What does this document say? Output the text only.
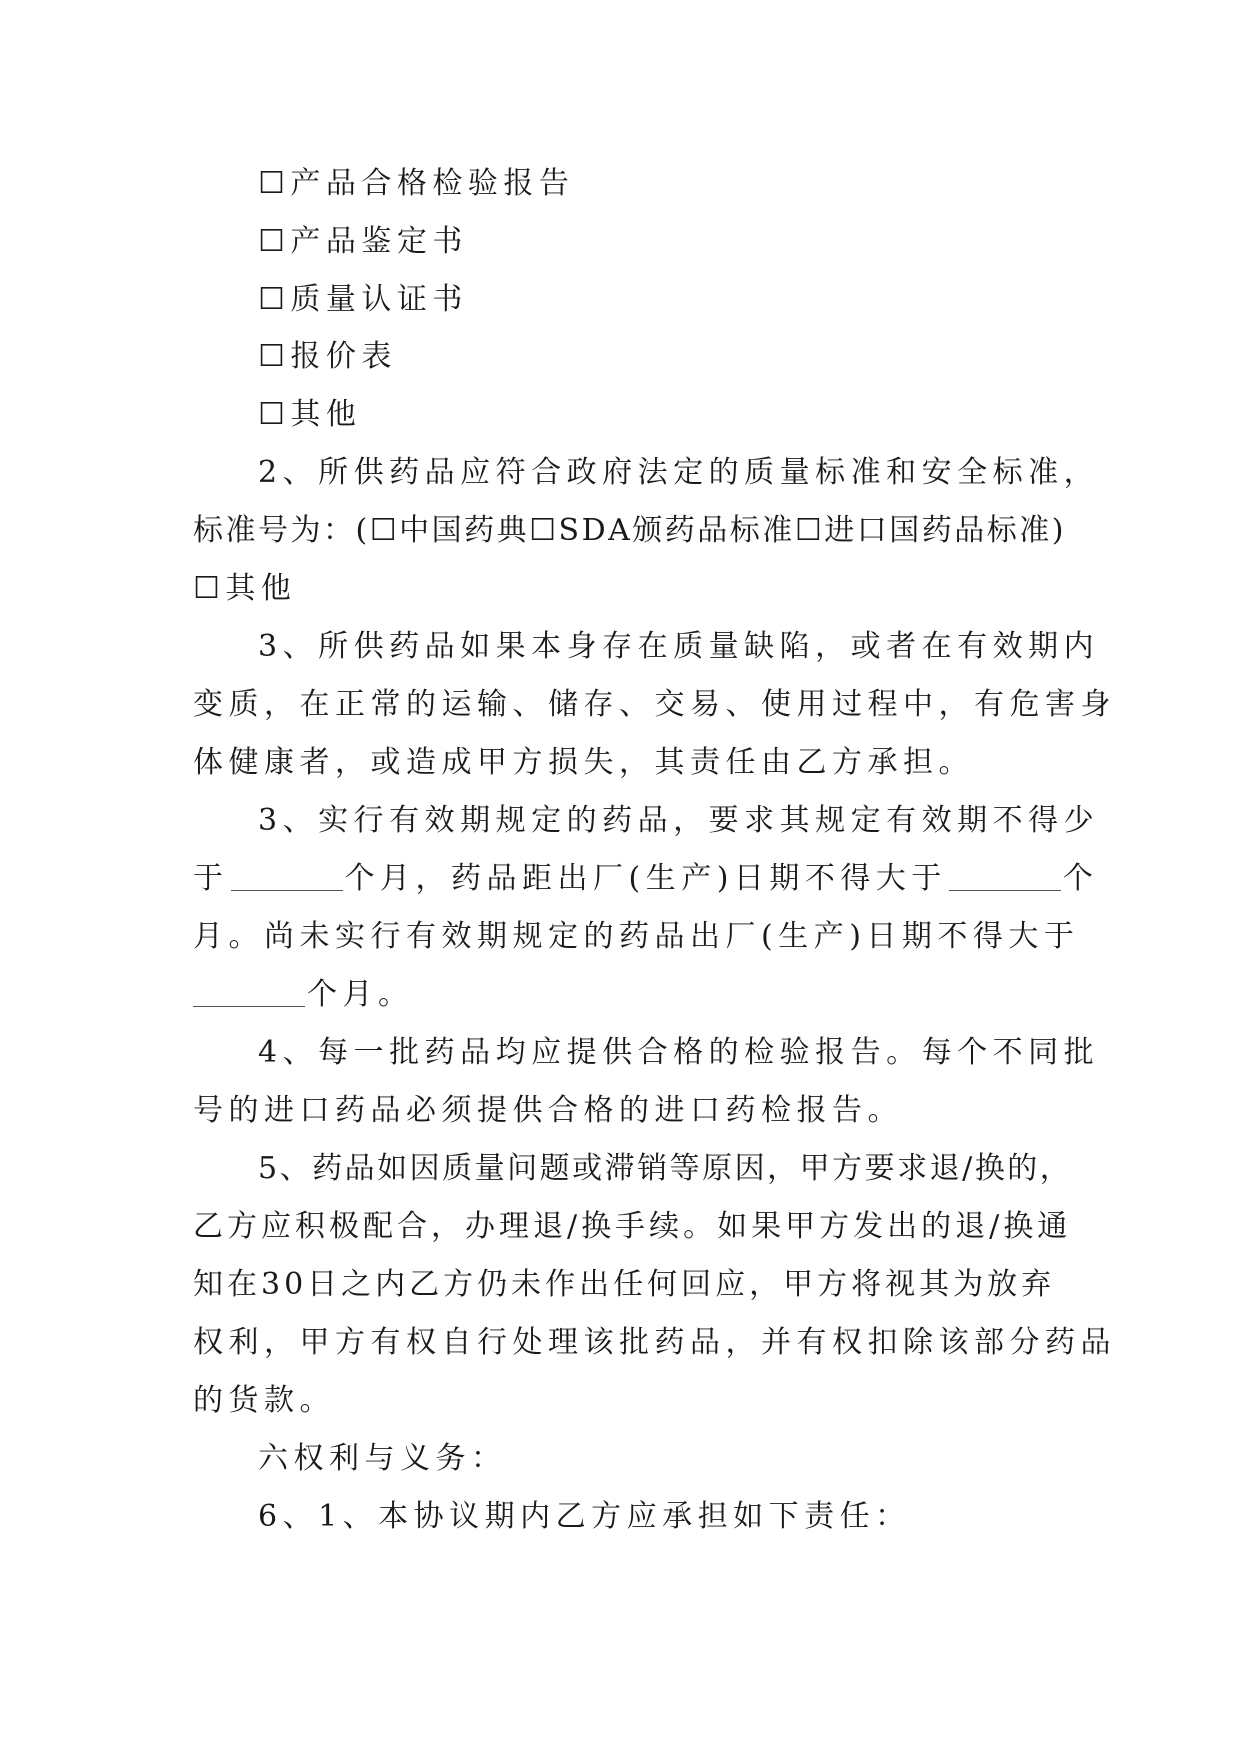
☐产品合格检验报告
☐产品鉴定书
☐质量认证书
☐报价表
☐其他
2、所供药品应符合政府法定的质量标准和安全标准，
标准号为：(☐中国药典☐SDA颁药品标准☐进口国药品标准)
☐其他
3、所供药品如果本身存在质量缺陷，或者在有效期内
变质，在正常的运输、储存、交易、使用过程中，有危害身
体健康者，或造成甲方损失，其责任由乙方承担。
3、实行有效期规定的药品，要求其规定有效期不得少
于	个月，药品距出厂(生产)日期不得大于	个
月。尚未实行有效期规定的药品出厂(生产)日期不得大于
个月。
4、每一批药品均应提供合格的检验报告。每个不同批
号的进口药品必须提供合格的进口药检报告。
5、药品如因质量问题或滞销等原因，甲方要求退/换的，
乙方应积极配合，办理退/换手续。如果甲方发出的退/换通
知在30日之内乙方仍未作出任何回应，甲方将视其为放弃
权利，甲方有权自行处理该批药品，并有权扣除该部分药品
的货款。
六权利与义务：
6、1、本协议期内乙方应承担如下责任：
